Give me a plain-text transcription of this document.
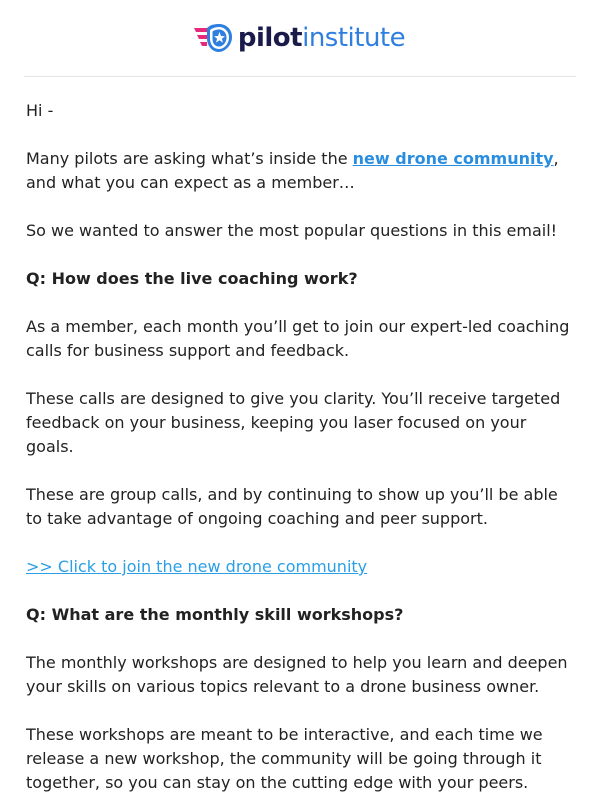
pilotinstitute

Hi -

Many pilots are asking what’s inside the new drone community, and what you can expect as a member…

So we wanted to answer the most popular questions in this email!

Q: How does the live coaching work?

As a member, each month you’ll get to join our expert-led coaching calls for business support and feedback.

These calls are designed to give you clarity. You’ll receive targeted feedback on your business, keeping you laser focused on your goals.

These are group calls, and by continuing to show up you’ll be able to take advantage of ongoing coaching and peer support.

>> Click to join the new drone community

Q: What are the monthly skill workshops?

The monthly workshops are designed to help you learn and deepen your skills on various topics relevant to a drone business owner.

These workshops are meant to be interactive, and each time we release a new workshop, the community will be going through it together, so you can stay on the cutting edge with your peers.
